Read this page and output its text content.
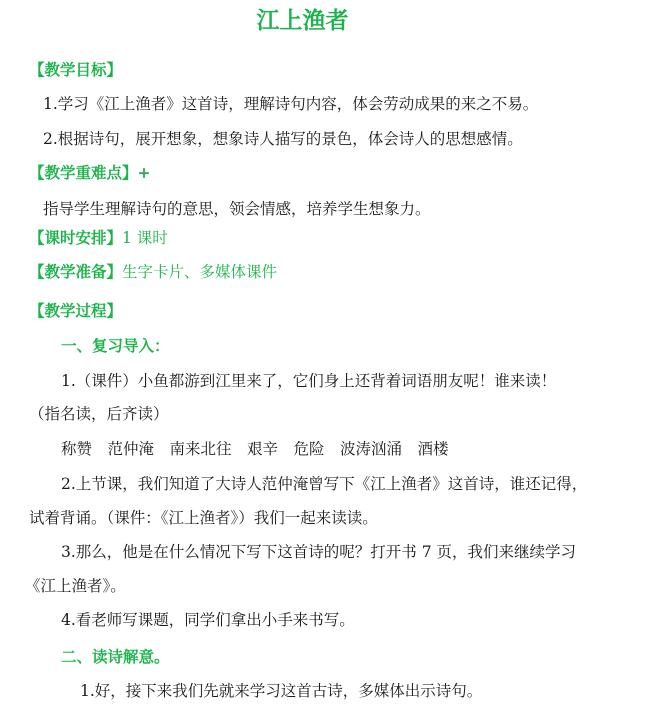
江上渔者
【教学目标】
1.学习《江上渔者》这首诗，理解诗句内容，体会劳动成果的来之不易。
2.根据诗句，展开想象，想象诗人描写的景色，体会诗人的思想感情。
【教学重难点】+
指导学生理解诗句的意思，领会情感，培养学生想象力。
【课时安排】1 课时
【教学准备】生字卡片、多媒体课件
【教学过程】
一、复习导入：
1.（课件）小鱼都游到江里来了，它们身上还背着词语朋友呢！谁来读！
（指名读，后齐读）
称赞　范仲淹　南来北往　艰辛　危险　波涛汹涌　酒楼
2.上节课，我们知道了大诗人范仲淹曾写下《江上渔者》这首诗，谁还记得，
试着背诵。（课件：《江上渔者》）我们一起来读读。
3.那么，他是在什么情况下写下这首诗的呢？打开书 7 页，我们来继续学习
《江上渔者》。
4.看老师写课题，同学们拿出小手来书写。
二、读诗解意。
1.好，接下来我们先就来学习这首古诗，多媒体出示诗句。
